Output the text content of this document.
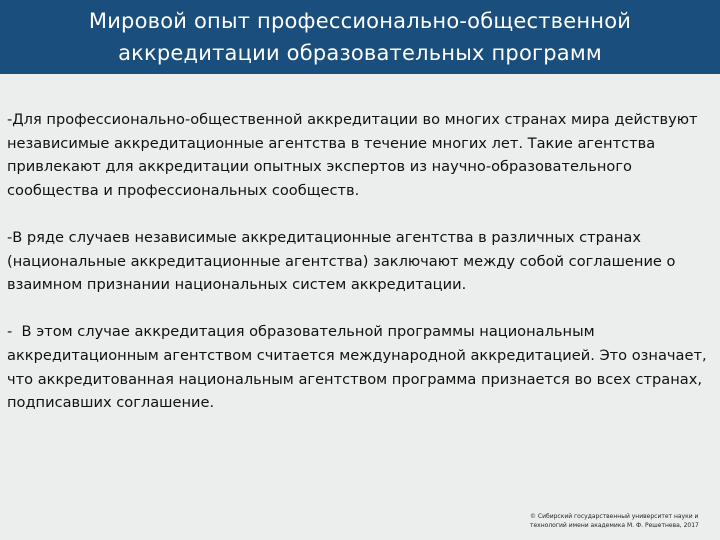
Мировой опыт профессионально-общественной
аккредитации образовательных программ

-Для профессионально-общественной аккредитации во многих странах мира действуют независимые аккредитационные агентства в течение многих лет. Такие агентства привлекают для аккредитации опытных экспертов из научно-образовательного сообщества и профессиональных сообществ.

-В ряде случаев независимые аккредитационные агентства в различных странах (национальные аккредитационные агентства) заключают между собой соглашение о взаимном признании национальных систем аккредитации.

-  В этом случае аккредитация образовательной программы национальным аккредитационным агентством считается международной аккредитацией. Это означает, что аккредитованная национальным агентством программа признается во всех странах, подписавших соглашение.

© Сибирский государственный университет науки и
технологий имени академика М. Ф. Решетнева, 2017
